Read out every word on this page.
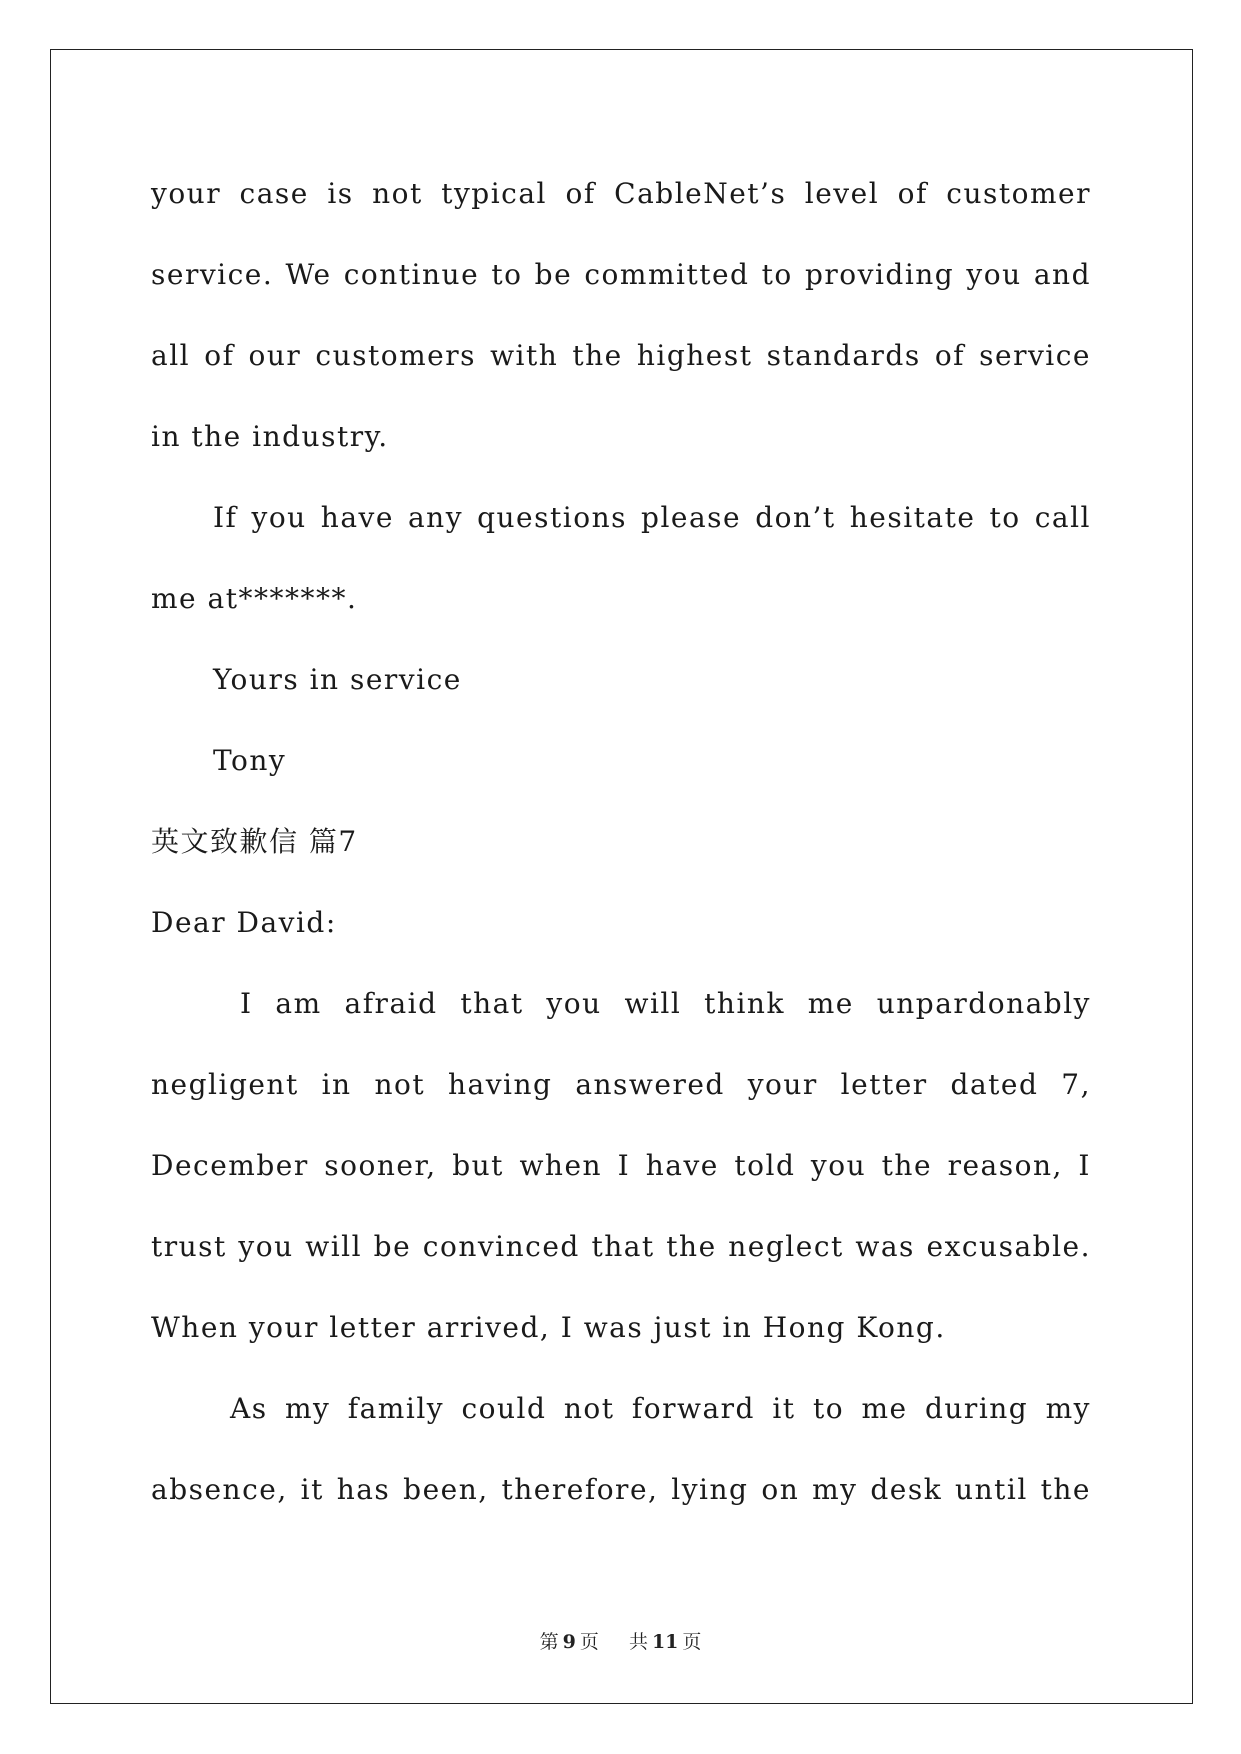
your case is not typical of CableNet’s level of customer
service. We continue to be committed to providing you and
all of our customers with the highest standards of service
in the industry.
If you have any questions please don’t hesitate to call
me at*******.
Yours in service
Tony
英文致歉信 篇7
Dear David:
I am afraid that you will think me unpardonably
negligent in not having answered your letter dated 7,
December sooner, but when I have told you the reason, I
trust you will be convinced that the neglect was excusable.
When your letter arrived, I was just in Hong Kong.
As my family could not forward it to me during my
absence, it has been, therefore, lying on my desk until the
第 9 页 共 11 页
